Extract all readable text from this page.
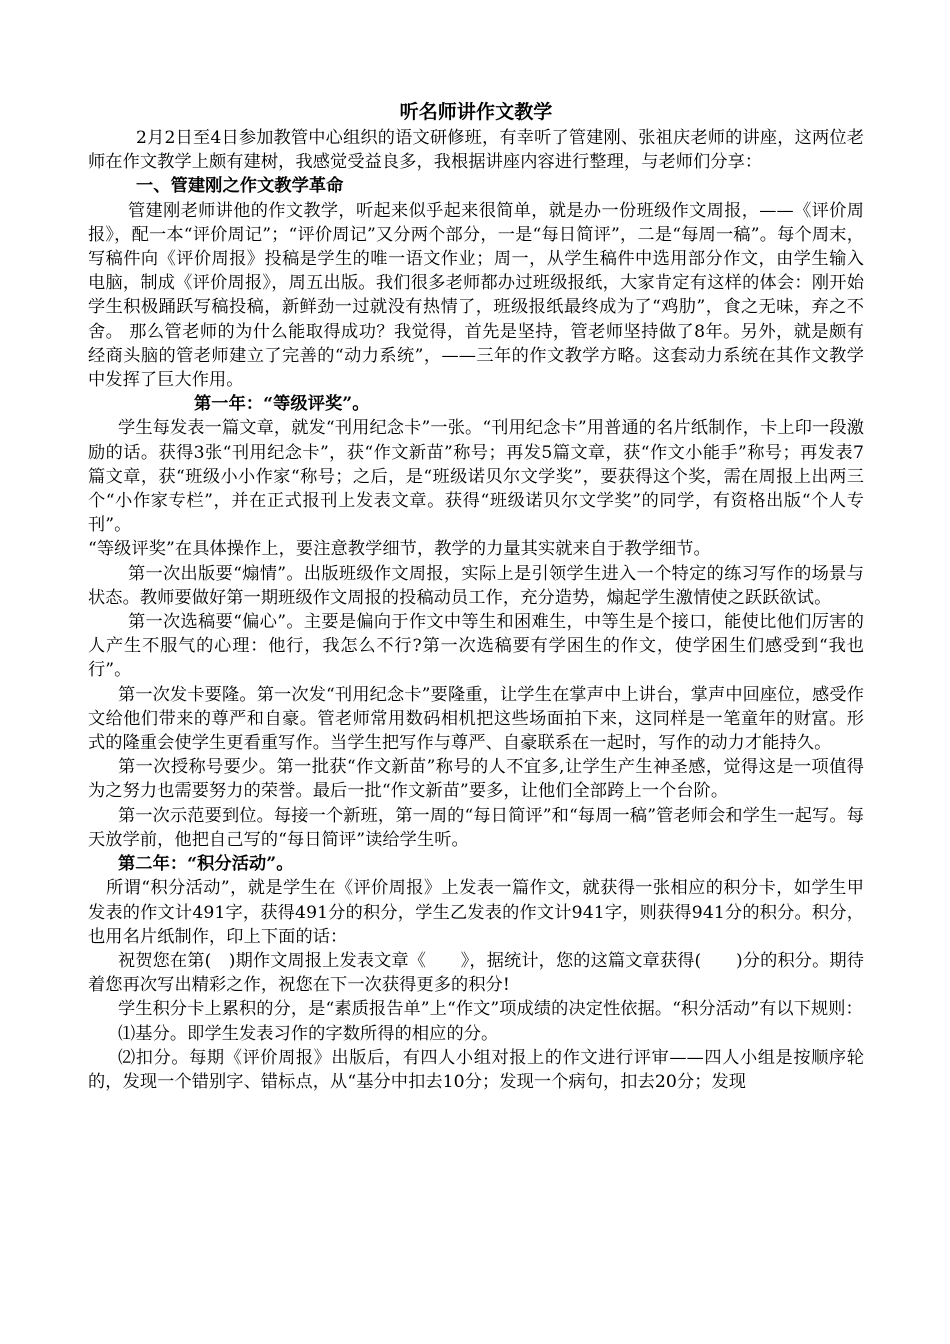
听名师讲作文教学

2月2日至4日参加教管中心组织的语文研修班，有幸听了管建刚、张祖庆老师的讲座，这两位老师在作文教学上颇有建树，我感觉受益良多，我根据讲座内容进行整理，与老师们分享：

一、管建刚之作文教学革命

管建刚老师讲他的作文教学，听起来似乎起来很简单，就是办一份班级作文周报，——《评价周报》，配一本“评价周记”；“评价周记”又分两个部分，一是“每日简评”，二是“每周一稿”。每个周末，写稿件向《评价周报》投稿是学生的唯一语文作业；周一，从学生稿件中选用部分作文，由学生输入电脑，制成《评价周报》，周五出版。我们很多老师都办过班级报纸，大家肯定有这样的体会：刚开始学生积极踊跃写稿投稿，新鲜劲一过就没有热情了，班级报纸最终成为了“鸡肋”，食之无味，弃之不舍。 那么管老师的为什么能取得成功？我觉得，首先是坚持，管老师坚持做了8年。另外，就是颇有经商头脑的管老师建立了完善的“动力系统”，——三年的作文教学方略。这套动力系统在其作文教学中发挥了巨大作用。

第一年：“等级评奖”。

学生每发表一篇文章，就发“刊用纪念卡”一张。“刊用纪念卡”用普通的名片纸制作，卡上印一段激励的话。获得3张“刊用纪念卡”，获“作文新苗”称号；再发5篇文章，获“作文小能手”称号；再发表7篇文章，获“班级小小作家“称号；之后，是“班级诺贝尔文学奖”，要获得这个奖，需在周报上出两三个“小作家专栏”，并在正式报刊上发表文章。获得“班级诺贝尔文学奖”的同学，有资格出版“个人专刊”。

“等级评奖”在具体操作上，要注意教学细节，教学的力量其实就来自于教学细节。

第一次出版要“煽情”。出版班级作文周报，实际上是引领学生进入一个特定的练习写作的场景与状态。教师要做好第一期班级作文周报的投稿动员工作，充分造势，煽起学生激情使之跃跃欲试。

第一次选稿要“偏心”。主要是偏向于作文中等生和困难生，中等生是个接口，能使比他们厉害的人产生不服气的心理：他行，我怎么不行?第一次选稿要有学困生的作文，使学困生们感受到“我也行”。

第一次发卡要隆。第一次发“刊用纪念卡”要隆重，让学生在掌声中上讲台，掌声中回座位，感受作文给他们带来的尊严和自豪。管老师常用数码相机把这些场面拍下来，这同样是一笔童年的财富。形式的隆重会使学生更看重写作。当学生把写作与尊严、自豪联系在一起时，写作的动力才能持久。

第一次授称号要少。第一批获“作文新苗”称号的人不宜多,让学生产生神圣感，觉得这是一项值得为之努力也需要努力的荣誉。最后一批“作文新苗”要多，让他们全部跨上一个台阶。

第一次示范要到位。每接一个新班，第一周的“每日简评”和“每周一稿”管老师会和学生一起写。每天放学前，他把自己写的“每日简评”读给学生听。

第二年：“积分活动”。

所谓“积分活动”，就是学生在《评价周报》上发表一篇作文，就获得一张相应的积分卡，如学生甲发表的作文计491字，获得491分的积分，学生乙发表的作文计941字，则获得941分的积分。积分，也用名片纸制作，印上下面的话：

祝贺您在第(　)期作文周报上发表文章《　　》，据统计，您的这篇文章获得(　　)分的积分。期待着您再次写出精彩之作，祝您在下一次获得更多的积分!

学生积分卡上累积的分，是“素质报告单”上“作文”项成绩的决定性依据。“积分活动”有以下规则：

⑴基分。即学生发表习作的字数所得的相应的分。

⑵扣分。每期《评价周报》出版后，有四人小组对报上的作文进行评审——四人小组是按顺序轮的，发现一个错别字、错标点，从“基分中扣去10分；发现一个病句，扣去20分；发现
